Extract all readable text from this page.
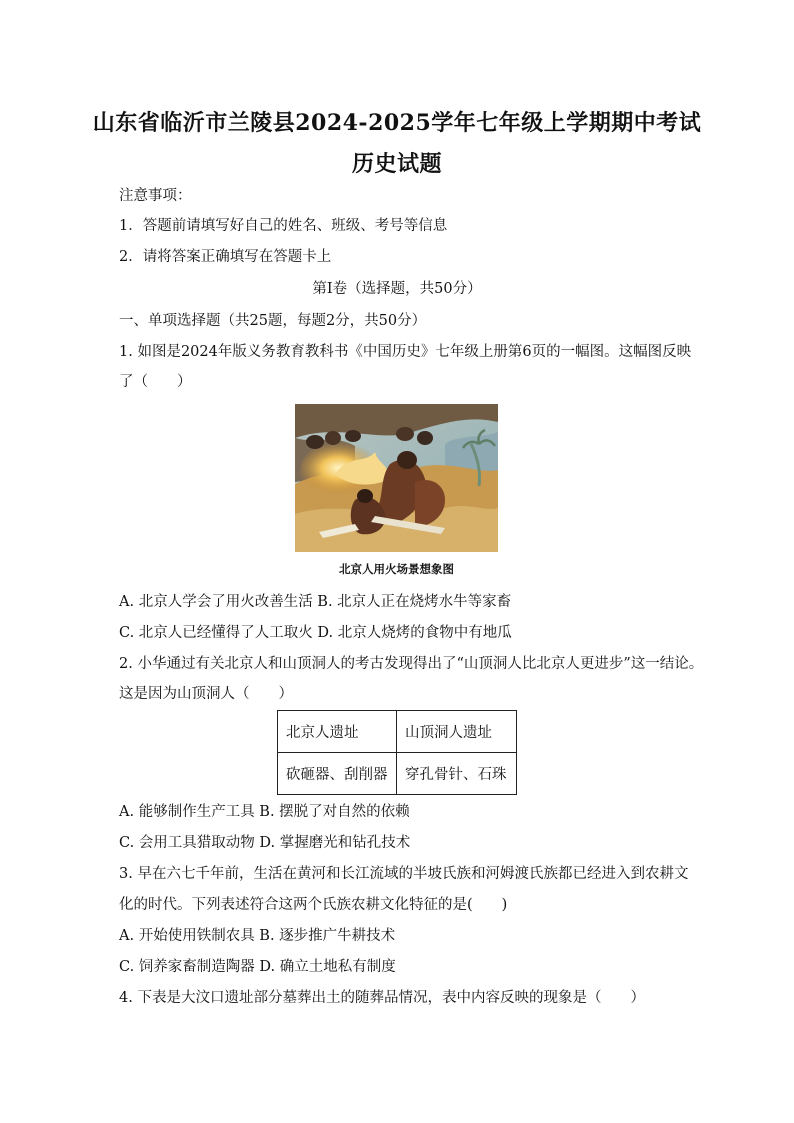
山东省临沂市兰陵县2024-2025学年七年级上学期期中考试
历史试题
注意事项：
1．答题前请填写好自己的姓名、班级、考号等信息
2．请将答案正确填写在答题卡上
第I卷（选择题，共50分）
一、单项选择题（共25题，每题2分，共50分）
1. 如图是2024年版义务教育教科书《中国历史》七年级上册第6页的一幅图。这幅图反映
了（　　）
北京人用火场景想象图
A. 北京人学会了用火改善生活 B. 北京人正在烧烤水牛等家畜
C. 北京人已经懂得了人工取火 D. 北京人烧烤的食物中有地瓜
2. 小华通过有关北京人和山顶洞人的考古发现得出了“山顶洞人比北京人更进步”这一结论。
这是因为山顶洞人（　　）
北京人遗址	山顶洞人遗址
砍砸器、刮削器	穿孔骨针、石珠
A. 能够制作生产工具 B. 摆脱了对自然的依赖
C. 会用工具猎取动物 D. 掌握磨光和钻孔技术
3. 早在六七千年前，生活在黄河和长江流域的半坡氏族和河姆渡氏族都已经进入到农耕文
化的时代。下列表述符合这两个氏族农耕文化特征的是(　　)
A. 开始使用铁制农具 B. 逐步推广牛耕技术
C. 饲养家畜制造陶器 D. 确立土地私有制度
4. 下表是大汶口遗址部分墓葬出土的随葬品情况，表中内容反映的现象是（　　）
